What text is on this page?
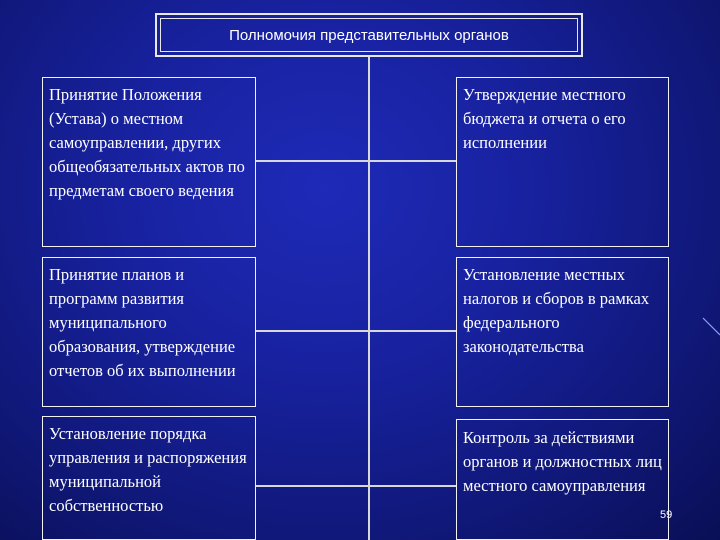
Полномочия представительных органов
Принятие Положения (Устава) о местном самоуправлении, других общеобязательных актов по предметам своего ведения
Принятие планов и программ развития муниципального образования, утверждение отчетов об их выполнении
Установление порядка управления и распоряжения муниципальной собственностью
Утверждение местного бюджета и отчета о его исполнении
Установление местных налогов и сборов в рамках федерального законодательства
Контроль за действиями органов и должностных лиц местного самоуправления
59
